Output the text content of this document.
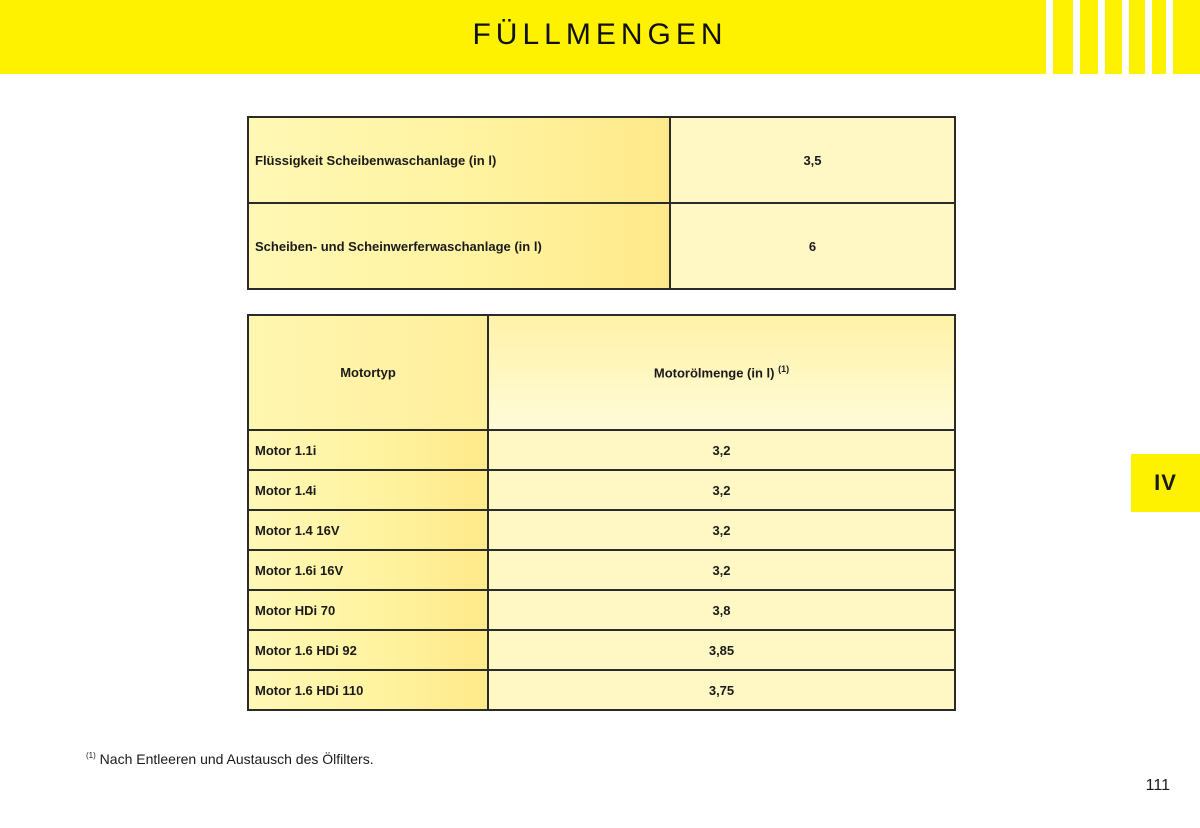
FÜLLMENGEN
Flüssigkeit Scheibenwaschanlage (in l)	3,5
Scheiben- und Scheinwerferwaschanlage (in l)	6
Motortyp	Motorölmenge (in l) $^{(1)}$
Motor 1.1i	3,2
Motor 1.4i	3,2
Motor 1.4 16V	3,2
Motor 1.6i 16V	3,2
Motor HDi 70	3,8
Motor 1.6 HDi 92	3,85
Motor 1.6 HDi 110	3,75
IV
$^{(1)}$ Nach Entleeren und Austausch des Ölfilters.
111
